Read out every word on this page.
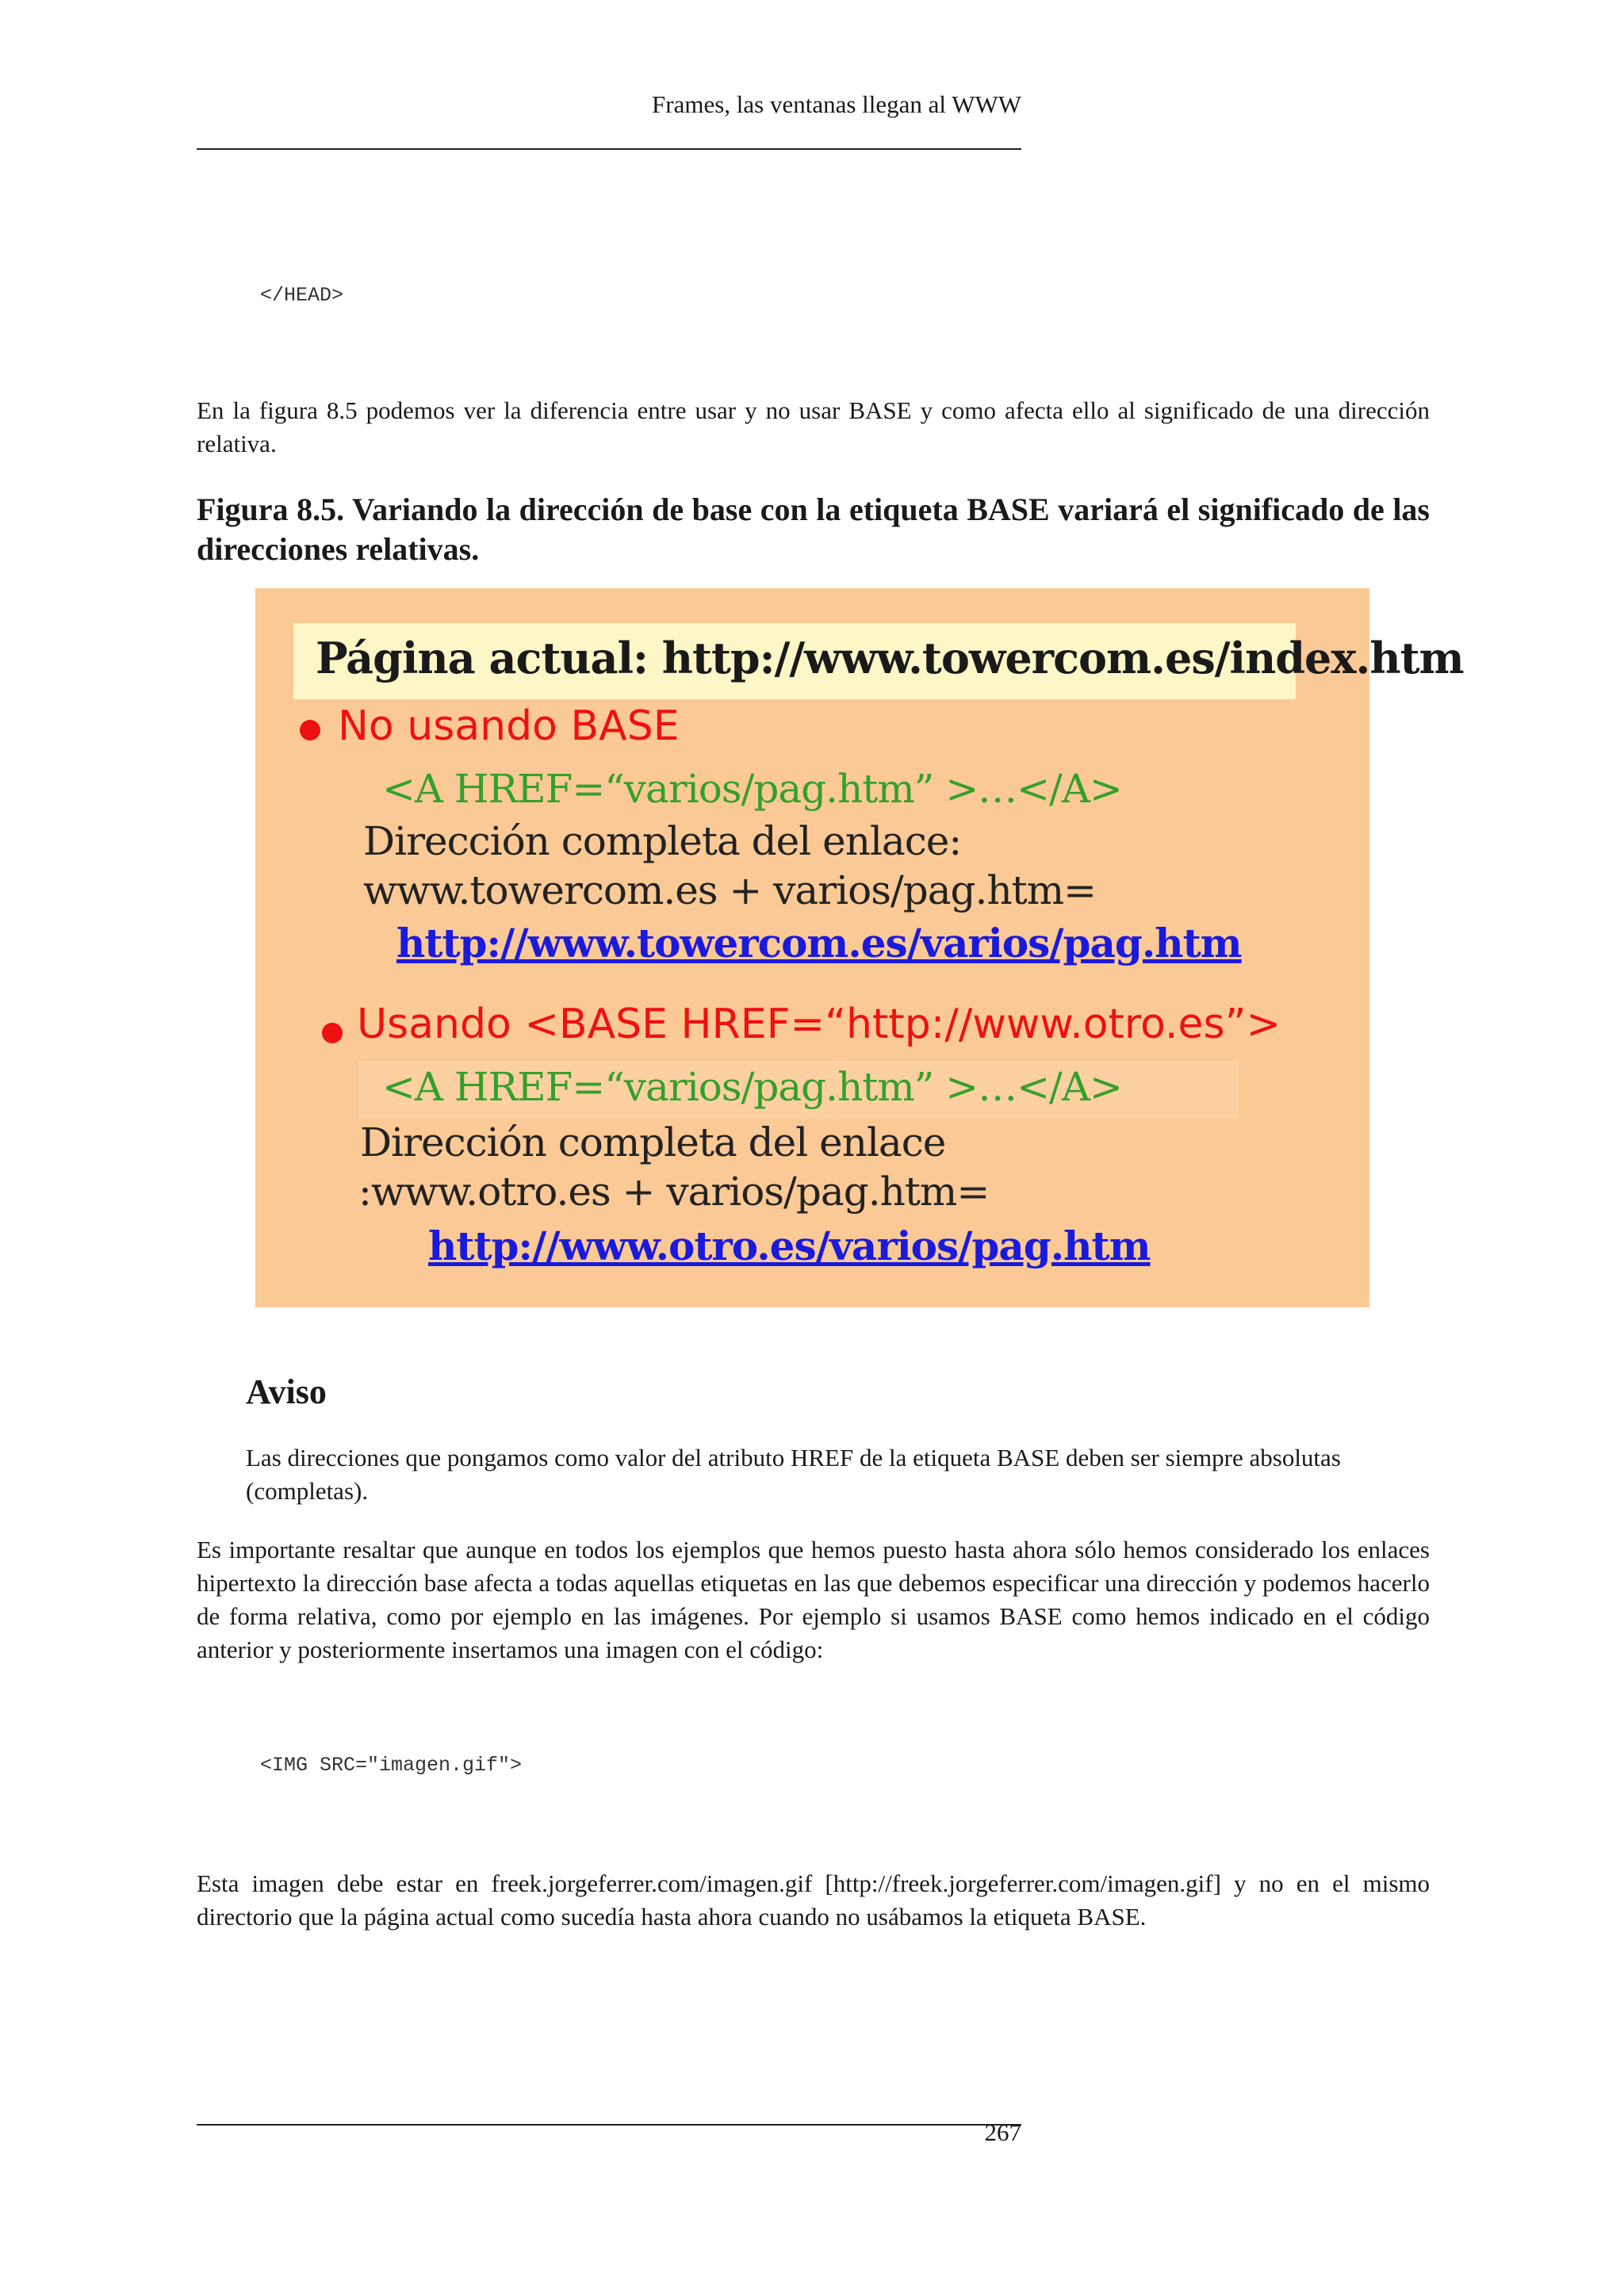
Frames, las ventanas llegan al WWW
</HEAD>
En la figura 8.5 podemos ver la diferencia entre usar y no usar BASE y como afecta ello al significado de una dirección relativa.
Figura 8.5. Variando la dirección de base con la etiqueta BASE variará el significado de las direcciones relativas.
Página actual: http://www.towercom.es/index.htm
No usando BASE
<A HREF=“varios/pag.htm” >…</A>
Dirección completa del enlace:
www.towercom.es + varios/pag.htm=
http://www.towercom.es/varios/pag.htm
Usando <BASE HREF=“http://www.otro.es”>
<A HREF=“varios/pag.htm” >…</A>
Dirección completa del enlace
:www.otro.es + varios/pag.htm=
http://www.otro.es/varios/pag.htm
Aviso
Las direcciones que pongamos como valor del atributo HREF de la etiqueta BASE deben ser siempre absolutas (completas).
Es importante resaltar que aunque en todos los ejemplos que hemos puesto hasta ahora sólo hemos considerado los enlaces hipertexto la dirección base afecta a todas aquellas etiquetas en las que debemos especificar una dirección y podemos hacerlo de forma relativa, como por ejemplo en las imágenes. Por ejemplo si usamos BASE como hemos indicado en el código anterior y posteriormente insertamos una imagen con el código:
<IMG SRC="imagen.gif">
Esta imagen debe estar en freek.jorgeferrer.com/imagen.gif [http://freek.jorgeferrer.com/imagen.gif] y no en el mismo directorio que la página actual como sucedía hasta ahora cuando no usábamos la etiqueta BASE.
267
